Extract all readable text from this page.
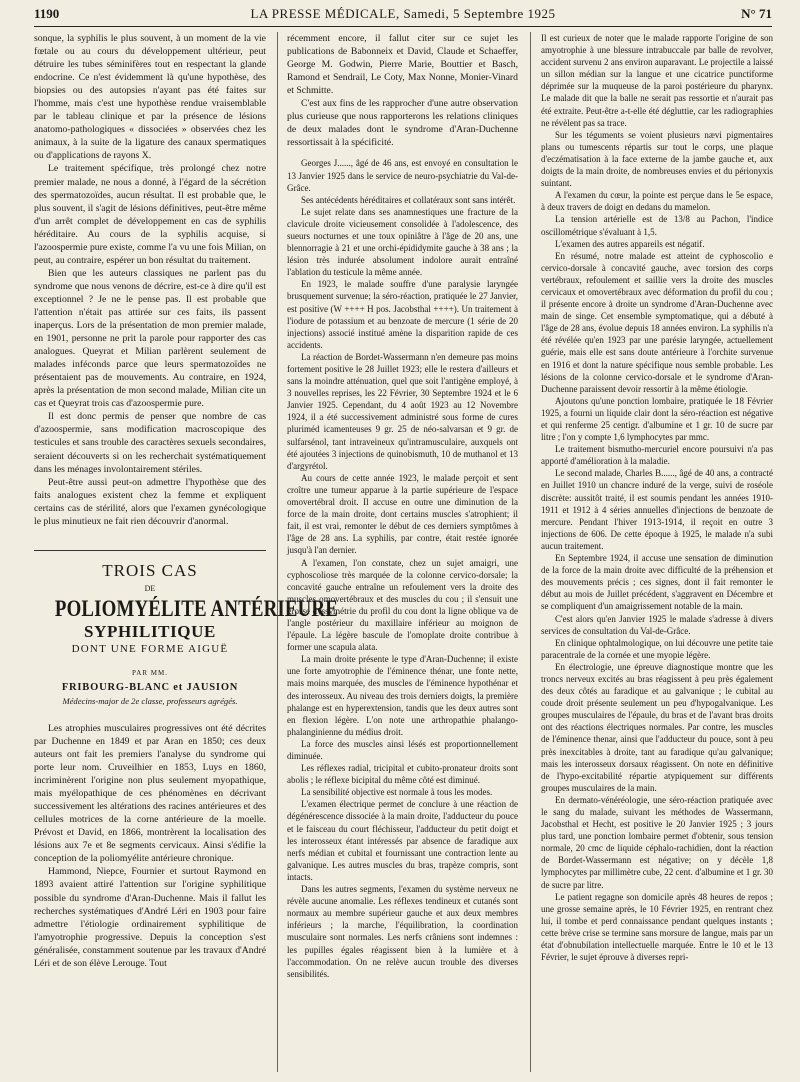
1190	LA PRESSE MÉDICALE, Samedi, 5 Septembre 1925	N° 71

sonque, la syphilis le plus souvent, à un moment de la vie fœtale ou au cours du développement ultérieur, peut détruire les tubes séminifères tout en respectant la glande endocrine. Ce n'est évidemment là qu'une hypothèse, des biopsies ou des autopsies n'ayant pas été faites sur l'homme, mais c'est une hypothèse rendue vraisemblable par le tableau clinique et par la présence de lésions anatomo-pathologiques « dissociées » observées chez les animaux, à la suite de la ligature des canaux spermatiques ou d'applications de rayons X.

Le traitement spécifique, très prolongé chez notre premier malade, ne nous a donné, à l'égard de la sécrétion des spermatozoïdes, aucun résultat. Il est probable que, le plus souvent, il s'agit de lésions définitives, peut-être même d'un arrêt complet de développement en cas de syphilis héréditaire. Au cours de la syphilis acquise, si l'azoospermie pure existe, comme l'a vu une fois Milian, on peut, au contraire, espérer un bon résultat du traitement.

Bien que les auteurs classiques ne parlent pas du syndrome que nous venons de décrire, est-ce à dire qu'il est exceptionnel ? Je ne le pense pas. Il est probable que l'attention n'était pas attirée sur ces faits, ils passent inaperçus. Lors de la présentation de mon premier malade, en 1901, personne ne prit la parole pour rapporter des cas analogues. Queyrat et Milian parlèrent seulement de malades inféconds parce que leurs spermatozoïdes ne présentaient pas de mouvements. Au contraire, en 1924, après la présentation de mon second malade, Milian cite un cas et Queyrat trois cas d'azoospermie pure.

Il est donc permis de penser que nombre de cas d'azoospermie, sans modification macroscopique des testicules et sans trouble des caractères sexuels secondaires, seraient découverts si on les recherchait systématiquement dans les ménages involontairement stériles.

Peut-être aussi peut-on admettre l'hypothèse que des faits analogues existent chez la femme et expliquent certains cas de stérilité, alors que l'examen gynécologique le plus minutieux ne fait rien découvrir d'anormal.

TROIS CAS
DE
POLIOMYÉLITE ANTÉRIEURE
SYPHILITIQUE
DONT UNE FORME AIGUË
PAR MM.
FRIBOURG-BLANC et JAUSION
Médecins-major de 2e classe, professeurs agrégés.

Les atrophies musculaires progressives ont été décrites par Duchenne en 1849 et par Aran en 1850; ces deux auteurs ont fait les premiers l'analyse du syndrome qui porte leur nom. Cruveilhier en 1853, Luys en 1860, incriminèrent l'origine non plus seulement myopathique, mais myélopathique de ces phénomènes en décrivant successivement les altérations des racines antérieures et des cellules motrices de la corne antérieure de la moelle. Prévost et David, en 1866, montrèrent la localisation des lésions aux 7e et 8e segments cervicaux. Ainsi s'édifie la conception de la poliomyélite antérieure chronique.

Hammond, Niepce, Fournier et surtout Raymond en 1893 avaient attiré l'attention sur l'origine syphilitique possible du syndrome d'Aran-Duchenne. Mais il fallut les recherches systématiques d'André Léri en 1903 pour faire admettre l'étiologie ordinairement syphilitique de l'amyotrophie progressive. Depuis la conception s'est généralisée, constamment soutenue par les travaux d'André Léri et de son élève Lerouge. Tout

récemment encore, il fallut citer sur ce sujet les publications de Babonneix et David, Claude et Schaeffer, George M. Godwin, Pierre Marie, Bouttier et Basch, Ramond et Sendrail, Le Coty, Max Nonne, Monier-Vinard et Schmitte.

C'est aux fins de les rapprocher d'une autre observation plus curieuse que nous rapporterons les relations cliniques de deux malades dont le syndrome d'Aran-Duchenne ressortissait à la spécificité.

Georges J......, âgé de 46 ans, est envoyé en consultation le 13 Janvier 1925 dans le service de neuro-psychiatrie du Val-de-Grâce.

Ses antécédents héréditaires et collatéraux sont sans intérêt.

Le sujet relate dans ses anamnestiques une fracture de la clavicule droite vicieusement consolidée à l'adolescence, des sueurs nocturnes et une toux opiniâtre à l'âge de 20 ans, une blennorragie à 21 et une orchi-épididymite gauche à 38 ans ; la lésion très indurée absolument indolore aurait entraîné l'ablation du testicule la même année.

En 1923, le malade souffre d'une paralysie laryngée brusquement survenue; la séro-réaction, pratiquée le 27 Janvier, est positive (W ++++ H pos. Jacobsthal ++++). Un traitement à l'iodure de potassium et au benzoate de mercure (1 série de 20 injections) associé institué amène la disparition rapide de ces accidents.

La réaction de Bordet-Wassermann n'en demeure pas moins fortement positive le 28 Juillet 1923; elle le restera d'ailleurs et sans la moindre atténuation, quel que soit l'antigène employé, à 3 nouvelles reprises, les 22 Février, 30 Septembre 1924 et le 6 Janvier 1925. Cependant, du 4 août 1923 au 12 Novembre 1924, il a été successivement administré sous forme de cures pluriméd icamenteuses 9 gr. 25 de néo-salvarsan et 9 gr. de sulfarsénol, tant intraveineux qu'intramusculaire, auxquels ont été ajoutées 3 injections de quinobismuth, 10 de muthanol et 13 d'argyrétol.

Au cours de cette année 1923, le malade perçoit et sent croître une tumeur apparue à la partie supérieure de l'espace omovertébral droit. Il accuse en outre une diminution de la force de la main droite, dont certains muscles s'atrophient; il fait, il est vrai, remonter le début de ces derniers symptômes à l'âge de 28 ans. La syphilis, par contre, était restée ignorée jusqu'à l'an dernier.

A l'examen, l'on constate, chez un sujet amaigri, une cyphoscoliose très marquée de la colonne cervico-dorsale; la concavité gauche entraîne un refoulement vers la droite des muscles omovertébraux et des muscles du cou ; il s'ensuit une grosse dyssymétrie du profil du cou dont la ligne oblique va de l'angle postérieur du maxillaire inférieur au moignon de l'épaule. La légère bascule de l'omoplate droite contribue à former une scapula alata.

La main droite présente le type d'Aran-Duchenne; il existe une forte amyotrophie de l'éminence thénar, une fonte nette, mais moins marquée, des muscles de l'éminence hypothénar et des interosseux. Au niveau des trois derniers doigts, la première phalange est en hyperextension, tandis que les deux autres sont en flexion légère. L'on note une arthropathie phalango-phalanginienne du médius droit.

La force des muscles ainsi lésés est proportionnellement diminuée.

Les réflexes radial, tricipital et cubito-pronateur droits sont abolis ; le réflexe bicipital du même côté est diminué.

La sensibilité objective est normale à tous les modes.

L'examen électrique permet de conclure à une réaction de dégénérescence dissociée à la main droite, l'adducteur du pouce et le faisceau du court fléchisseur, l'adducteur du petit doigt et les interosseux étant intéressés par absence de faradique aux nerfs médian et cubital et fournissant une contraction lente au galvanique. Les autres muscles du bras, trapèze compris, sont intacts.

Dans les autres segments, l'examen du système nerveux ne révèle aucune anomalie. Les réflexes tendineux et cutanés sont normaux au membre supérieur gauche et aux deux membres inférieurs ; la marche, l'équilibration, la coordination musculaire sont normales. Les nerfs crâniens sont indemnes : les pupilles égales réagissent bien à la lumière et à l'accommodation. On ne relève aucun trouble des diverses sensibilités.

Il est curieux de noter que le malade rapporte l'origine de son amyotrophie à une blessure intrabuccale par balle de revolver, accident survenu 2 ans environ auparavant. Le projectile a laissé un sillon médian sur la langue et une cicatrice punctiforme déprimée sur la muqueuse de la paroi postérieure du pharynx. Le malade dit que la balle ne serait pas ressortie et n'aurait pas été extraite. Peut-être a-t-elle été dégluttie, car les radiographies ne révèlent pas sa trace.

Sur les téguments se voient plusieurs nævi pigmentaires plans ou tumescents répartis sur tout le corps, une plaque d'eczématisation à la face externe de la jambe gauche et, aux doigts de la main droite, de nombreuses envies et du périonyxis suintant.

A l'examen du cœur, la pointe est perçue dans le 5e espace, à deux travers de doigt en dedans du mamelon.

La tension artérielle est de 13/8 au Pachon, l'indice oscillométrique s'évaluant à 1,5.

L'examen des autres appareils est négatif.

En résumé, notre malade est atteint de cyphoscolio e cervico-dorsale à concavité gauche, avec torsion des corps vertébraux, refoulement et saillie vers la droite des muscles cervicaux et omovertébraux avec déformation du profil du cou ; il présente encore à droite un syndrome d'Aran-Duchenne avec main de singe. Cet ensemble symptomatique, qui a débuté à l'âge de 28 ans, évolue depuis 18 années environ. La syphilis n'a été révélée qu'en 1923 par une parésie laryngée, actuellement guérie, mais elle est sans doute antérieure à l'orchite survenue en 1916 et dont la nature spécifique nous semble probable. Les lésions de la colonne cervico-dorsale et le syndrome d'Aran-Duchenne paraissent devoir ressortir à la même étiologie.

Ajoutons qu'une ponction lombaire, pratiquée le 18 Février 1925, a fourni un liquide clair dont la séro-réaction est négative et qui renferme 25 centigr. d'albumine et 1 gr. 10 de sucre par litre ; l'on y compte 1,6 lymphocytes par mmc.

Le traitement bismutho-mercuriel encore poursuivi n'a pas apporté d'amélioration à la maladie.

Le second malade, Charles B......, âgé de 40 ans, a contracté en Juillet 1910 un chancre induré de la verge, suivi de roséole discrète: aussitôt traité, il est soumis pendant les années 1910-1911 et 1912 à 4 séries annuelles d'injections de benzoate de mercure. Pendant l'hiver 1913-1914, il reçoit en outre 3 injections de 606. De cette époque à 1925, le malade n'a subi aucun traitement.

En Septembre 1924, il accuse une sensation de diminution de la force de la main droite avec difficulté de la préhension et des mouvements précis ; ces signes, dont il fait remonter le début au mois de Juillet précédent, s'aggravent en Décembre et se compliquent d'un amaigrissement notable de la main.

C'est alors qu'en Janvier 1925 le malade s'adresse à divers services de consultation du Val-de-Grâce.

En clinique ophtalmologique, on lui découvre une petite taie paracentrale de la cornée et une myopie légère.

En électrologie, une épreuve diagnostique montre que les troncs nerveux excités au bras réagissent à peu près également des deux côtés au faradique et au galvanique ; le cubital au coude droit présente seulement un peu d'hypogalvanique. Les groupes musculaires de l'épaule, du bras et de l'avant bras droits ont des réactions électriques normales. Par contre, les muscles de l'éminence thenar, ainsi que l'adducteur du pouce, sont à peu près inexcitables à droite, tant au faradique qu'au galvanique; mais les interosseux dorsaux réagissent. On note en définitive de l'hypo-excitabilité répartie atypiquement sur différents groupes musculaires de la main.

En dermato-vénéréologie, une séro-réaction pratiquée avec le sang du malade, suivant les méthodes de Wassermann, Jacobsthal et Hecht, est positive le 20 Janvier 1925 ; 3 jours plus tard, une ponction lombaire permet d'obtenir, sous tension normale, 20 cmc de liquide céphalo-rachidien, dont la réaction de Bordet-Wassermann est négative; on y décèle 1,8 lymphocytes par millimètre cube, 22 cent. d'albumine et 1 gr. 30 de sucre par litre.

Le patient regagne son domicile après 48 heures de repos ; une grosse semaine après, le 10 Février 1925, en rentrant chez lui, il tombe et perd connaissance pendant quelques instants ; cette brève crise se termine sans morsure de langue, mais par un état d'obnubilation intellectuelle marquée. Entre le 10 et le 13 Février, le sujet éprouve à diverses repri-
